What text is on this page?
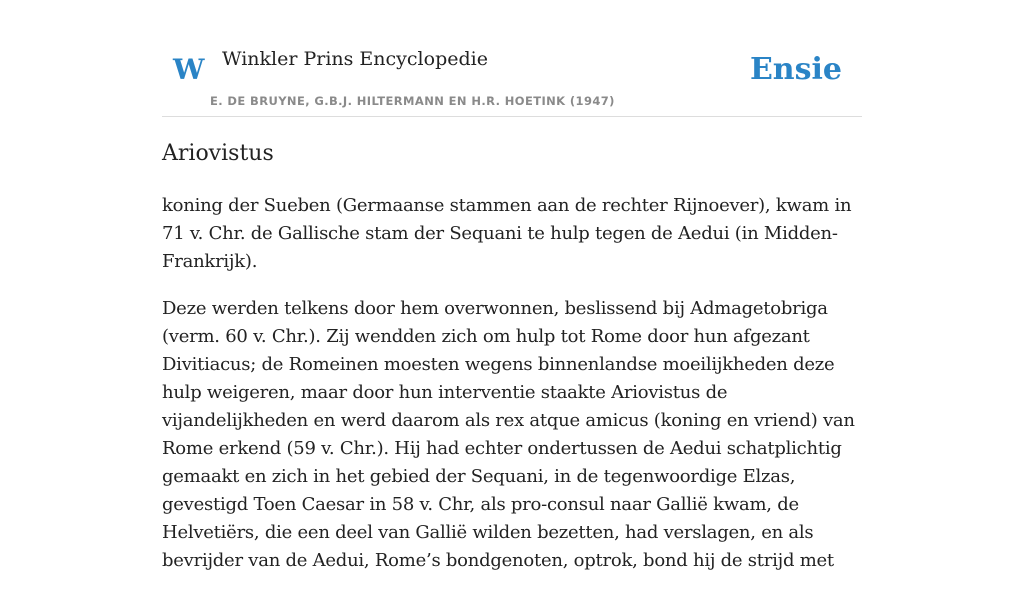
W Winkler Prins Encyclopedie
E. DE BRUYNE, G.B.J. HILTERMANN EN H.R. HOETINK (1947)
Ensie
Ariovistus

koning der Sueben (Germaanse stammen aan de rechter Rijnoever), kwam in 71 v. Chr. de Gallische stam der Sequani te hulp tegen de Aedui (in Midden-Frankrijk).

Deze werden telkens door hem overwonnen, beslissend bij Admagetobriga (verm. 60 v. Chr.). Zij wendden zich om hulp tot Rome door hun afgezant Divitiacus; de Romeinen moesten wegens binnenlandse moeilijkheden deze hulp weigeren, maar door hun interventie staakte Ariovistus de vijandelijkheden en werd daarom als rex atque amicus (koning en vriend) van Rome erkend (59 v. Chr.). Hij had echter ondertussen de Aedui schatplichtig gemaakt en zich in het gebied der Sequani, in de tegenwoordige Elzas, gevestigd Toen Caesar in 58 v. Chr, als pro-consul naar Gallië kwam, de Helvetiërs, die een deel van Gallië wilden bezetten, had verslagen, en als bevrijder van de Aedui, Rome’s bondgenoten, optrok, bond hij de strijd met
